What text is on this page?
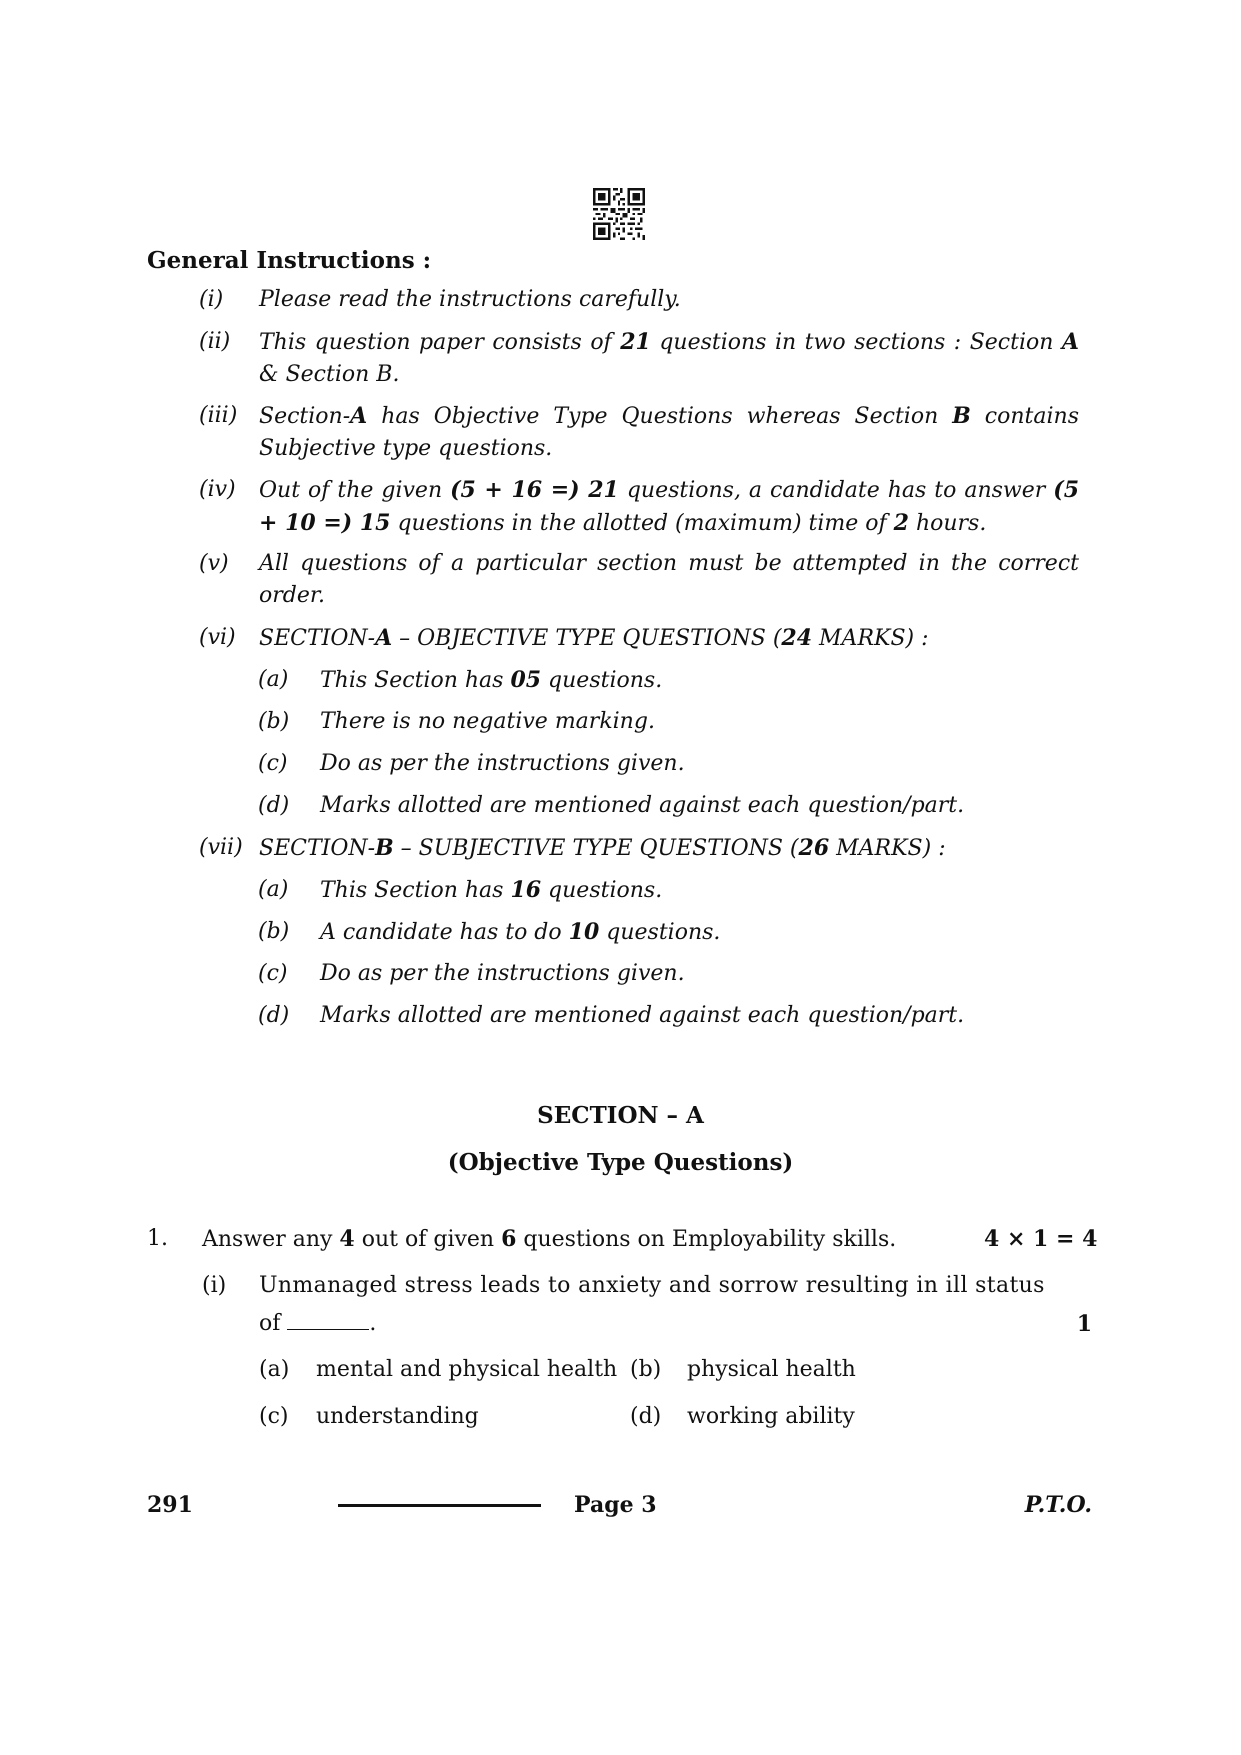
General Instructions :
(i) Please read the instructions carefully.
(ii) This question paper consists of 21 questions in two sections : Section A & Section B.
(iii) Section-A has Objective Type Questions whereas Section B contains Subjective type questions.
(iv) Out of the given (5 + 16 =) 21 questions, a candidate has to answer (5 + 10 =) 15 questions in the allotted (maximum) time of 2 hours.
(v) All questions of a particular section must be attempted in the correct order.
(vi) SECTION-A – OBJECTIVE TYPE QUESTIONS (24 MARKS) :
(a) This Section has 05 questions.
(b) There is no negative marking.
(c) Do as per the instructions given.
(d) Marks allotted are mentioned against each question/part.
(vii) SECTION-B – SUBJECTIVE TYPE QUESTIONS (26 MARKS) :
(a) This Section has 16 questions.
(b) A candidate has to do 10 questions.
(c) Do as per the instructions given.
(d) Marks allotted are mentioned against each question/part.
SECTION – A
(Objective Type Questions)
1. Answer any 4 out of given 6 questions on Employability skills.	4 × 1 = 4
(i) Unmanaged stress leads to anxiety and sorrow resulting in ill status
of	.	1
(a) mental and physical health (b) physical health
(c) understanding	(d) working ability
291	Page 3	P.T.O.
